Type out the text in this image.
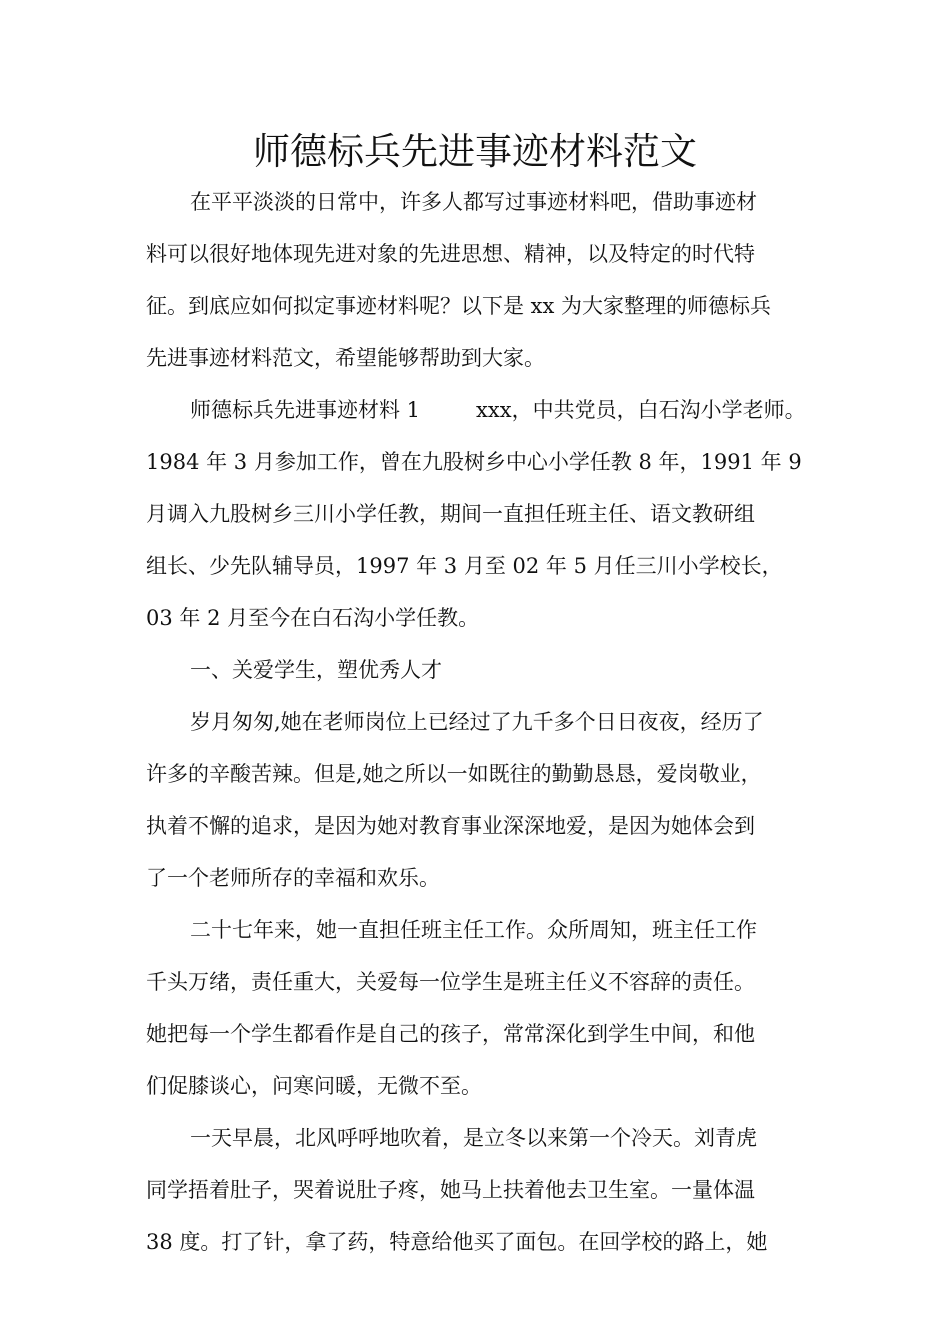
师德标兵先进事迹材料范文

在平平淡淡的日常中，许多人都写过事迹材料吧，借助事迹材

料可以很好地体现先进对象的先进思想、精神，以及特定的时代特

征。到底应如何拟定事迹材料呢？以下是 xx 为大家整理的师德标兵

先进事迹材料范文，希望能够帮助到大家。

师德标兵先进事迹材料 1	xxx，中共党员，白石沟小学老师。

1984 年 3 月参加工作，曾在九股树乡中心小学任教 8 年，1991 年 9

月调入九股树乡三川小学任教，期间一直担任班主任、语文教研组

组长、少先队辅导员，1997 年 3 月至 02 年 5 月任三川小学校长，

03 年 2 月至今在白石沟小学任教。

一、关爱学生，塑优秀人才

岁月匆匆,她在老师岗位上已经过了九千多个日日夜夜，经历了

许多的辛酸苦辣。但是,她之所以一如既往的勤勤恳恳，爱岗敬业，

执着不懈的追求，是因为她对教育事业深深地爱，是因为她体会到

了一个老师所存的幸福和欢乐。

二十七年来，她一直担任班主任工作。众所周知，班主任工作

千头万绪，责任重大，关爱每一位学生是班主任义不容辞的责任。

她把每一个学生都看作是自己的孩子，常常深化到学生中间，和他

们促膝谈心，问寒问暖，无微不至。

一天早晨，北风呼呼地吹着，是立冬以来第一个冷天。刘青虎

同学捂着肚子，哭着说肚子疼，她马上扶着他去卫生室。一量体温

38 度。打了针，拿了药，特意给他买了面包。在回学校的路上，她
